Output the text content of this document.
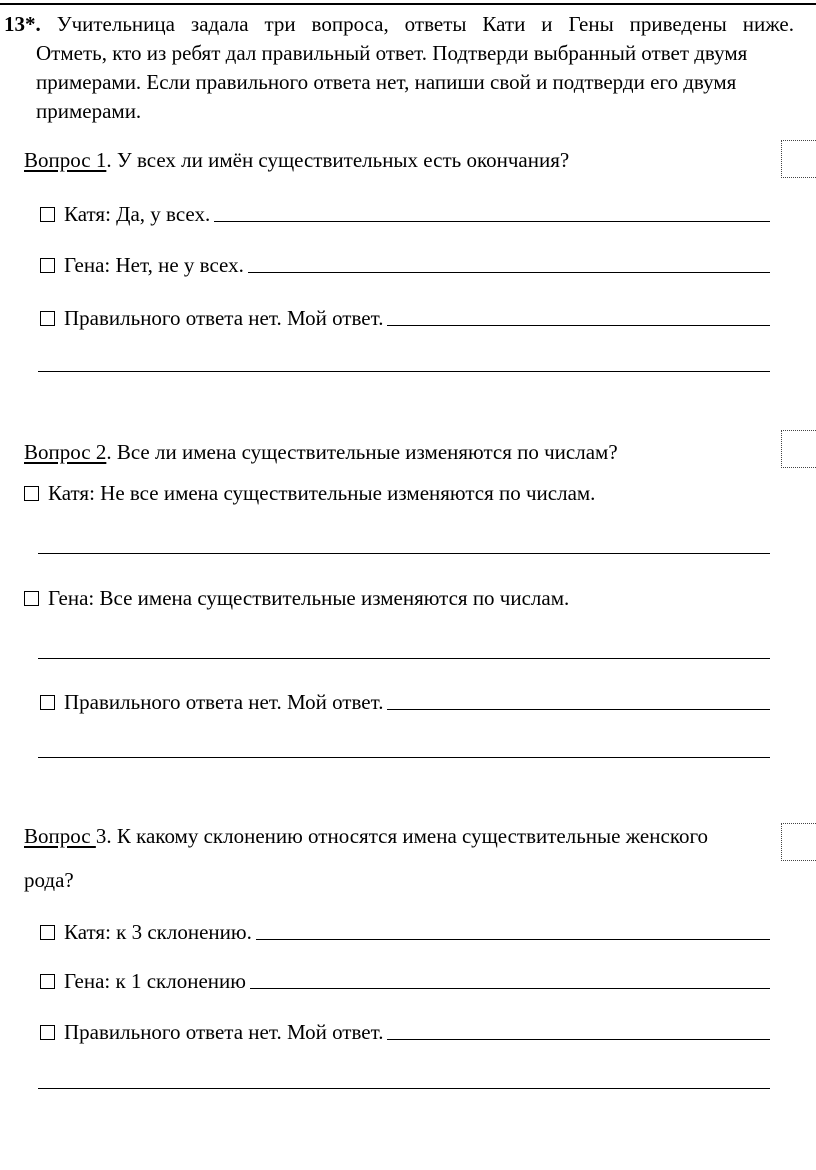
13*. Учительница задала три вопроса, ответы Кати и Гены приведены ниже.
Отметь, кто из ребят дал правильный ответ. Подтверди выбранный ответ двумя примерами. Если правильного ответа нет, напиши свой и подтверди его двумя примерами.

Вопрос 1. У всех ли имён существительных есть окончания?

Катя: Да, у всех.
Гена: Нет, не у всех.
Правильного ответа нет. Мой ответ.

Вопрос 2. Все ли имена существительные изменяются по числам?

Катя: Не все имена существительные изменяются по числам.
Гена: Все имена существительные изменяются по числам.
Правильного ответа нет. Мой ответ.

Вопрос 3. К какому склонению относятся имена существительные женского

рода?

Катя: к 3 склонению.
Гена: к 1 склонению
Правильного ответа нет. Мой ответ.
